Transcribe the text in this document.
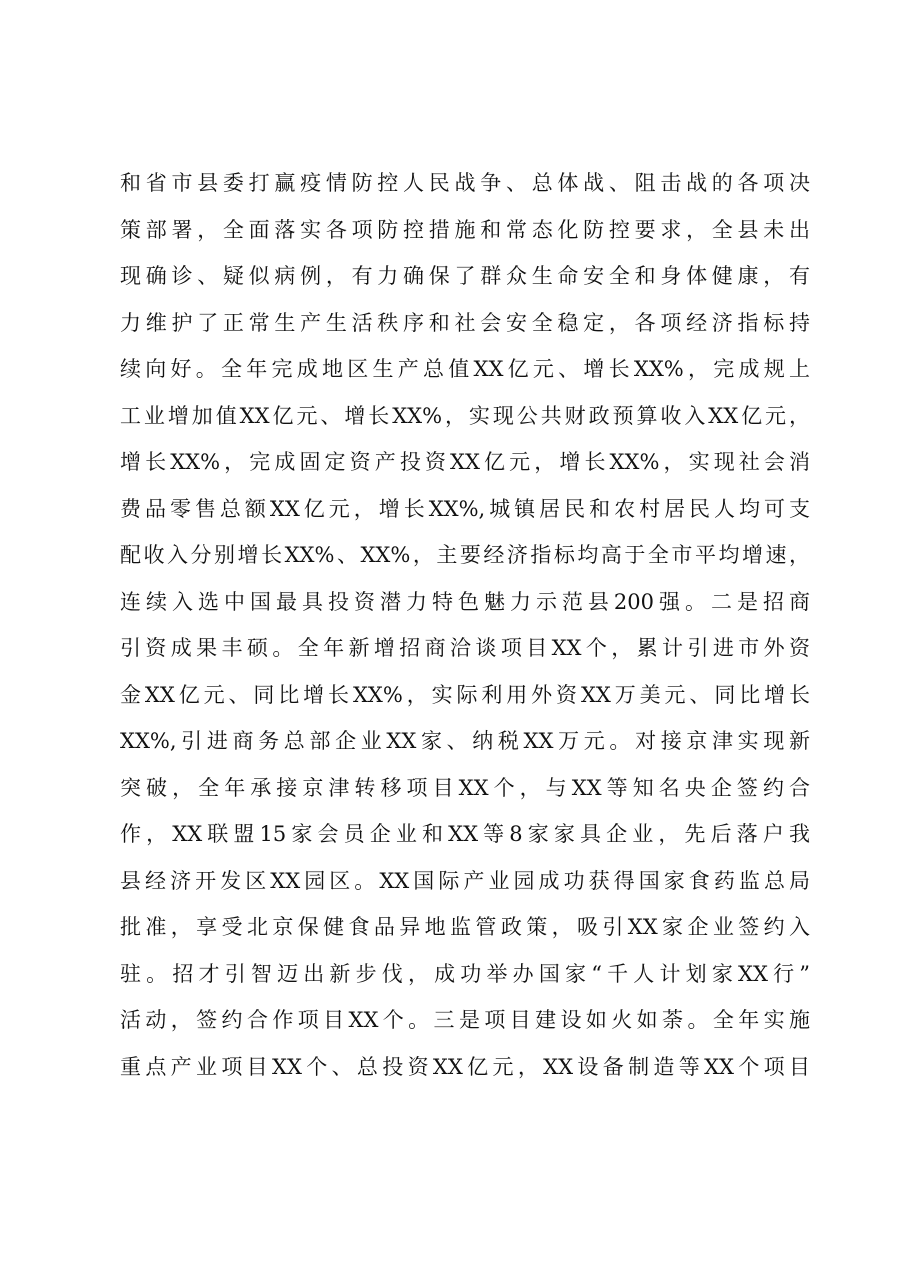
和省市县委打赢疫情防控人民战争、总体战、阻击战的各项决
策部署，全面落实各项防控措施和常态化防控要求，全县未出
现确诊、疑似病例，有力确保了群众生命安全和身体健康，有
力维护了正常生产生活秩序和社会安全稳定，各项经济指标持
续向好。全年完成地区生产总值XX亿元、增长XX%，完成规上
工业增加值XX亿元、增长XX%，实现公共财政预算收入XX亿元，
增长XX%，完成固定资产投资XX亿元，增长XX%，实现社会消
费品零售总额XX亿元，增长XX%,城镇居民和农村居民人均可支
配收入分别增长XX%、XX%，主要经济指标均高于全市平均增速，
连续入选中国最具投资潜力特色魅力示范县200强。二是招商
引资成果丰硕。全年新增招商洽谈项目XX个，累计引进市外资
金XX亿元、同比增长XX%，实际利用外资XX万美元、同比增长
XX%,引进商务总部企业XX家、纳税XX万元。对接京津实现新
突破，全年承接京津转移项目XX个，与XX等知名央企签约合
作，XX联盟15家会员企业和XX等8家家具企业，先后落户我
县经济开发区XX园区。XX国际产业园成功获得国家食药监总局
批准，享受北京保健食品异地监管政策，吸引XX家企业签约入
驻。招才引智迈出新步伐，成功举办国家“千人计划家XX行”
活动，签约合作项目XX个。三是项目建设如火如荼。全年实施
重点产业项目XX个、总投资XX亿元，XX设备制造等XX个项目
